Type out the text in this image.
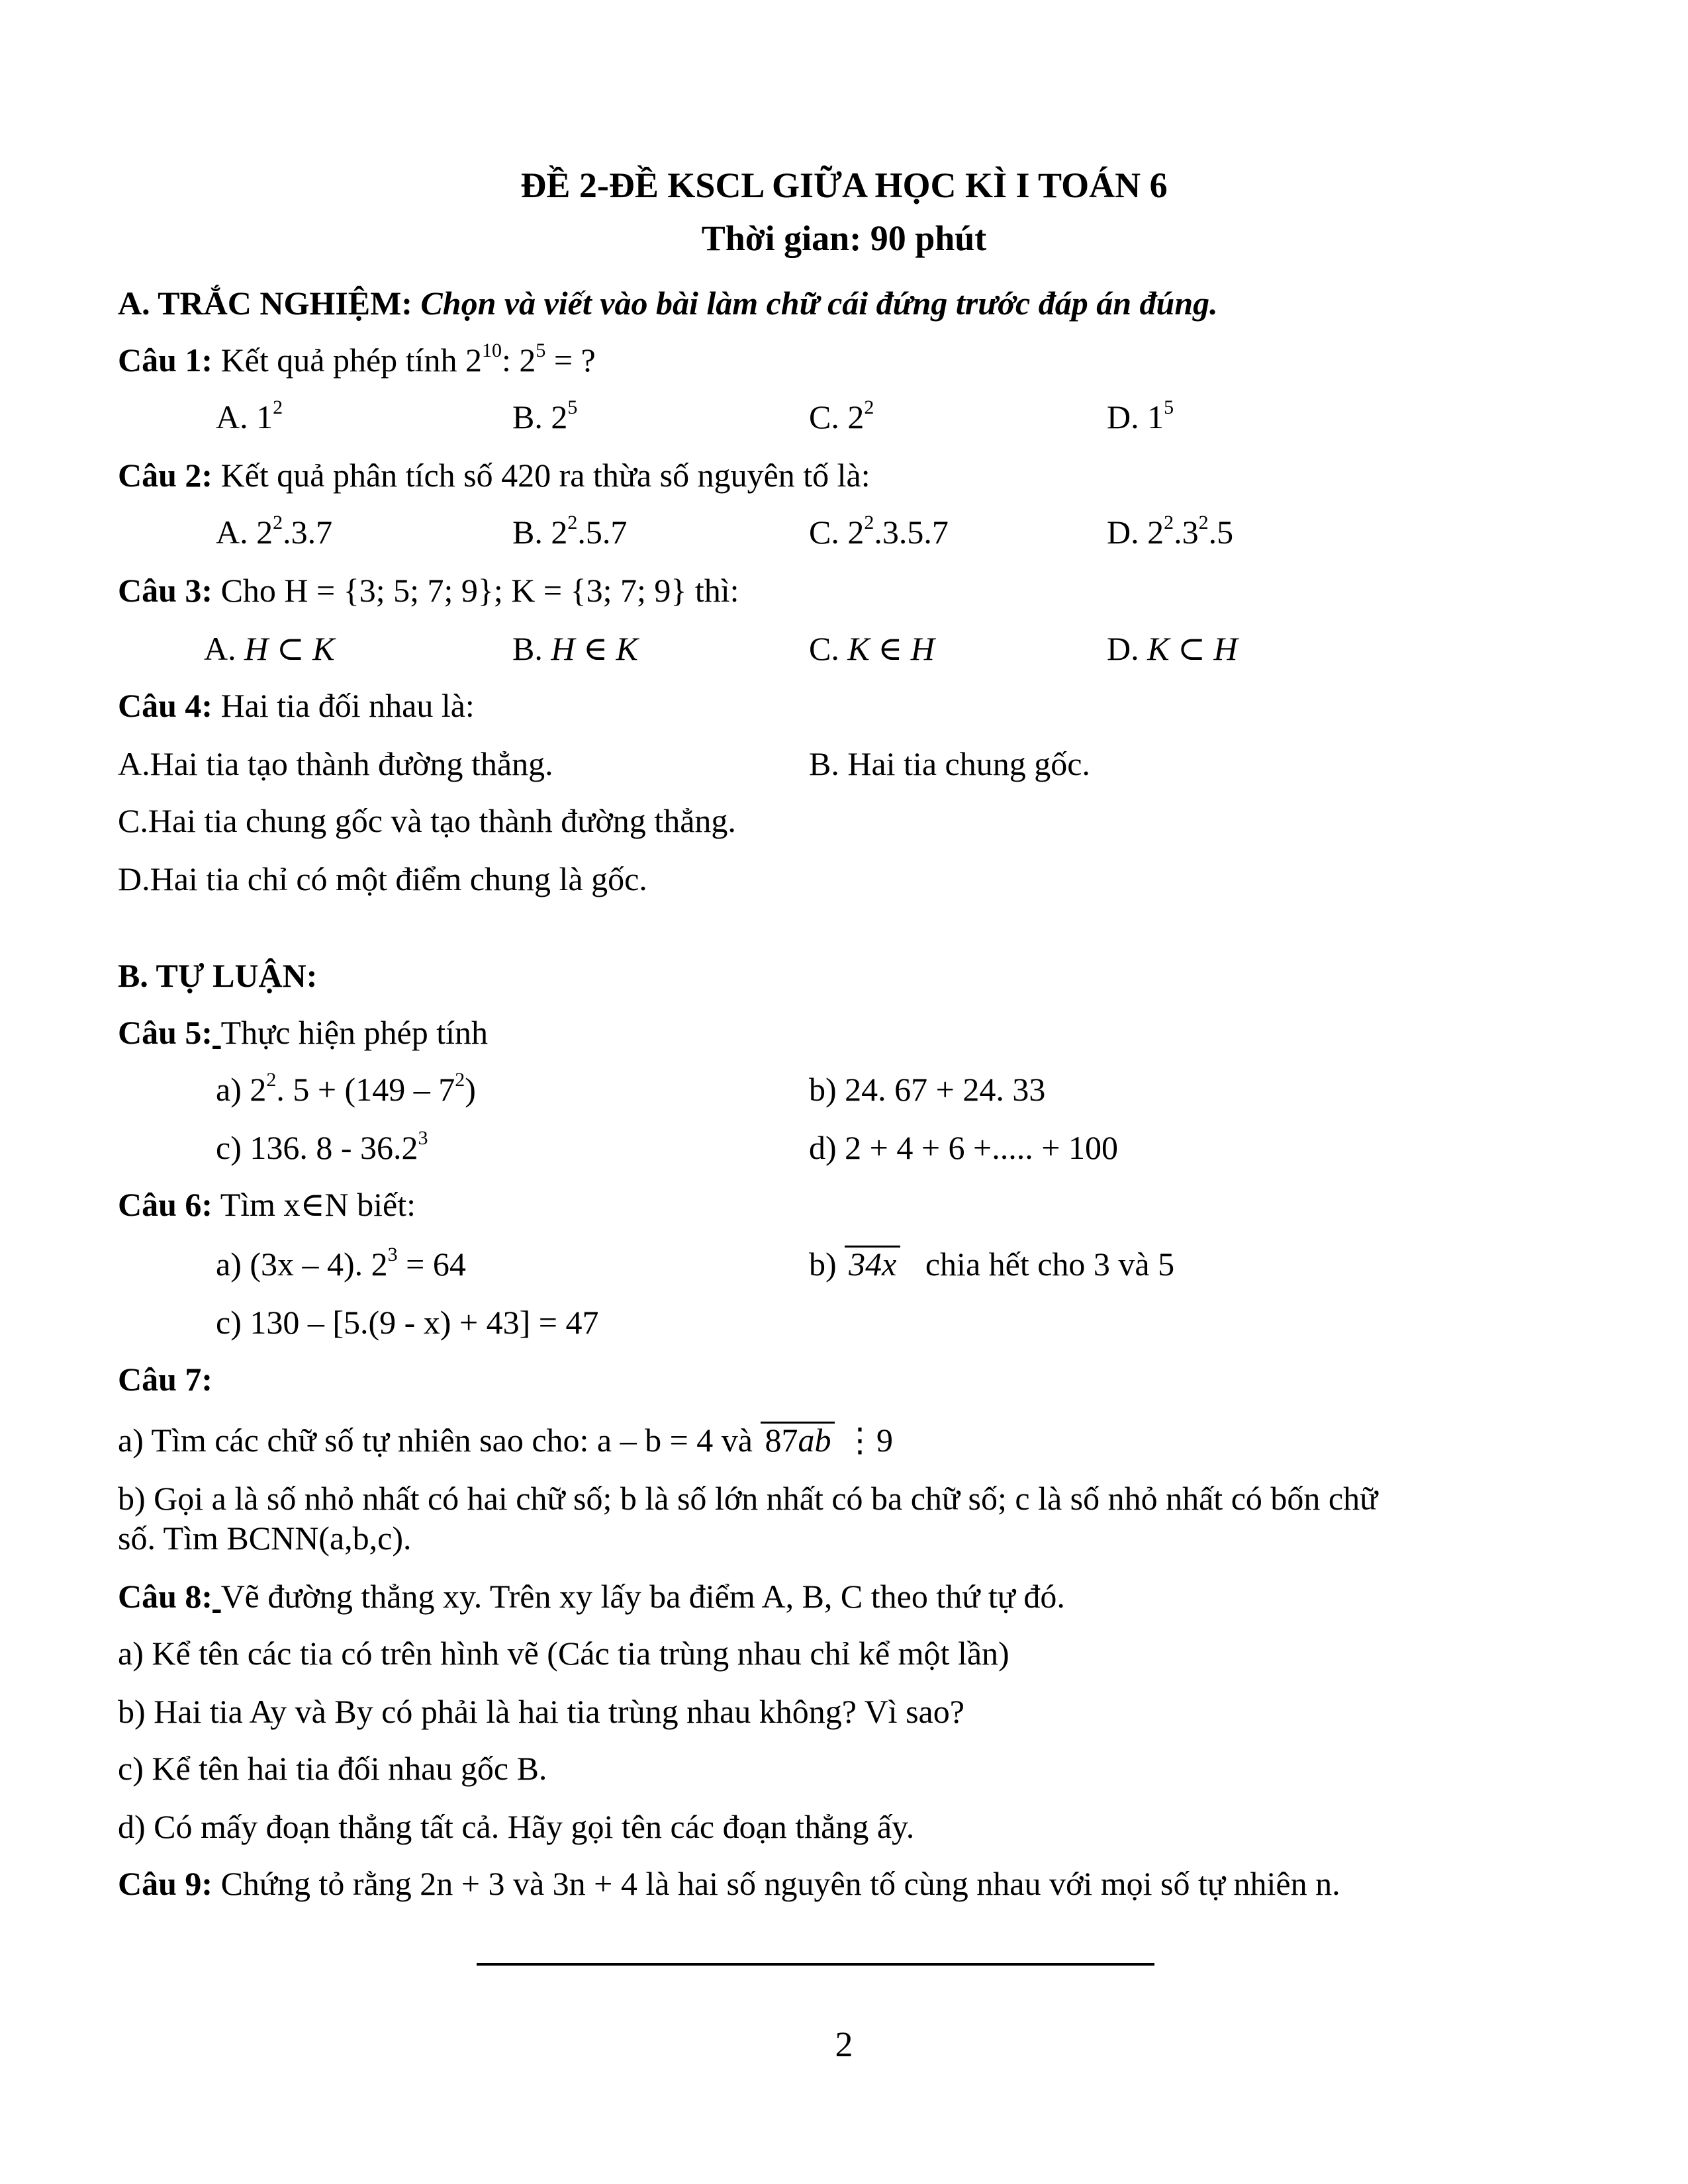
ĐỀ 2-ĐỀ KSCL GIỮA HỌC KÌ I TOÁN 6
Thời gian: 90 phút
A. TRẮC NGHIỆM: Chọn và viết vào bài làm chữ cái đứng trước đáp án đúng.
Câu 1: Kết quả phép tính $2^{10}$: $2^5$ = ?
A. $1^2$	B. $2^5$	C. $2^2$	D. $1^5$
Câu 2: Kết quả phân tích số 420 ra thừa số nguyên tố là:
A. $2^2.3.7$	B. $2^2.5.7$	C. $2^2.3.5.7$	D. $2^2.3^2.5$
Câu 3: Cho H = {3; 5; 7; 9}; K = {3; 7; 9} thì:
A. H ⊂ K	B. H ∈ K	C. K ∈ H	D. K ⊂ H
Câu 4: Hai tia đối nhau là:
A.Hai tia tạo thành đường thẳng.	B. Hai tia chung gốc.
C.Hai tia chung gốc và tạo thành đường thẳng.
D.Hai tia chỉ có một điểm chung là gốc.
B. TỰ LUẬN:
Câu 5: Thực hiện phép tính
a) $2^2$. $5 + (149 - 7^2)$	b) 24. 67 + 24. 33
c) 136. 8 - 36.2$^3$	d) 2 + 4 + 6 +..... + 100
Câu 6: Tìm x∈N biết:
a) (3x – 4). $2^3 = 64$	b) 34x chia hết cho 3 và 5
c) 130 – [5.(9 - x) + 43] = 47
Câu 7:
a) Tìm các chữ số tự nhiên sao cho: a – b = 4 và 87ab ⋮9
b) Gọi a là số nhỏ nhất có hai chữ số; b là số lớn nhất có ba chữ số; c là số nhỏ nhất có bốn chữ
số. Tìm BCNN(a,b,c).
Câu 8: Vẽ đường thẳng xy. Trên xy lấy ba điểm A, B, C theo thứ tự đó.
a) Kể tên các tia có trên hình vẽ (Các tia trùng nhau chỉ kể một lần)
b) Hai tia Ay và By có phải là hai tia trùng nhau không? Vì sao?
c) Kể tên hai tia đối nhau gốc B.
d) Có mấy đoạn thẳng tất cả. Hãy gọi tên các đoạn thẳng ấy.
Câu 9: Chứng tỏ rằng 2n + 3 và 3n + 4 là hai số nguyên tố cùng nhau với mọi số tự nhiên n.
2
